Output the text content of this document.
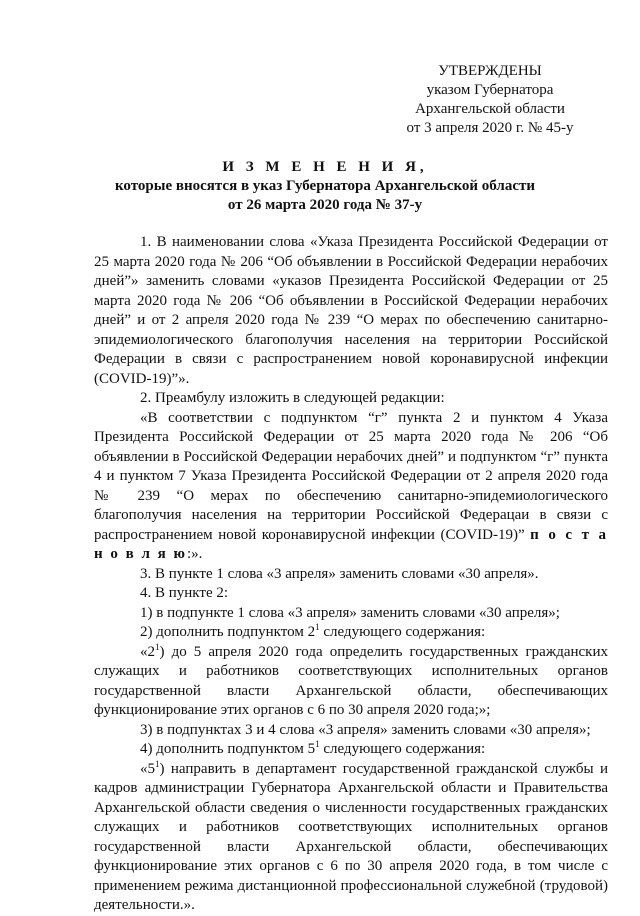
УТВЕРЖДЕНЫ
указом Губернатора
Архангельской области
от 3 апреля 2020 г. № 45-у
И З М Е Н Е Н И Я,
которые вносятся в указ Губернатора Архангельской области
от 26 марта 2020 года № 37-у

1. В наименовании слова «Указа Президента Российской Федерации от 25 марта 2020 года № 206 “Об объявлении в Российской Федерации нерабочих дней”» заменить словами «указов Президента Российской Федерации от 25 марта 2020 года № 206 “Об объявлении в Российской Федерации нерабочих дней” и от 2 апреля 2020 года № 239 “О мерах по обеспечению санитарно-эпидемиологического благополучия населения на территории Российской Федерации в связи с распространением новой коронавирусной инфекции (COVID-19)”».

2. Преамбулу изложить в следующей редакции:

«В соответствии с подпунктом “г” пункта 2 и пунктом 4 Указа Президента Российской Федерации от 25 марта 2020 года № 206 “Об объявлении в Российской Федерации нерабочих дней” и подпунктом “г” пункта 4 и пунктом 7 Указа Президента Российской Федерации от 2 апреля 2020 года № 239 “О мерах по обеспечению санитарно-эпидемиологического благополучия населения на территории Российской Федерацаи в связи с распространением новой коронавирусной инфекции (COVID-19)” п о с т а н о в л я ю:».

3. В пункте 1 слова «3 апреля» заменить словами «30 апреля».

4. В пункте 2:

1) в подпункте 1 слова «3 апреля» заменить словами «30 апреля»;

2) дополнить подпунктом $2^1$ следующего содержания:

«$2^1$) до 5 апреля 2020 года определить государственных гражданских служащих и работников соответствующих исполнительных органов государственной власти Архангельской области, обеспечивающих функционирование этих органов с 6 по 30 апреля 2020 года;»;

3) в подпунктах 3 и 4 слова «3 апреля» заменить словами «30 апреля»;

4) дополнить подпунктом $5^1$ следующего содержания:

«$5^1$) направить в департамент государственной гражданской службы и кадров администрации Губернатора Архангельской области и Правительства Архангельской области сведения о численности государственных гражданских служащих и работников соответствующих исполнительных органов государственной власти Архангельской области, обеспечивающих функционирование этих органов с 6 по 30 апреля 2020 года, в том числе с применением режима дистанционной профессиональной служебной (трудовой) деятельности.».
